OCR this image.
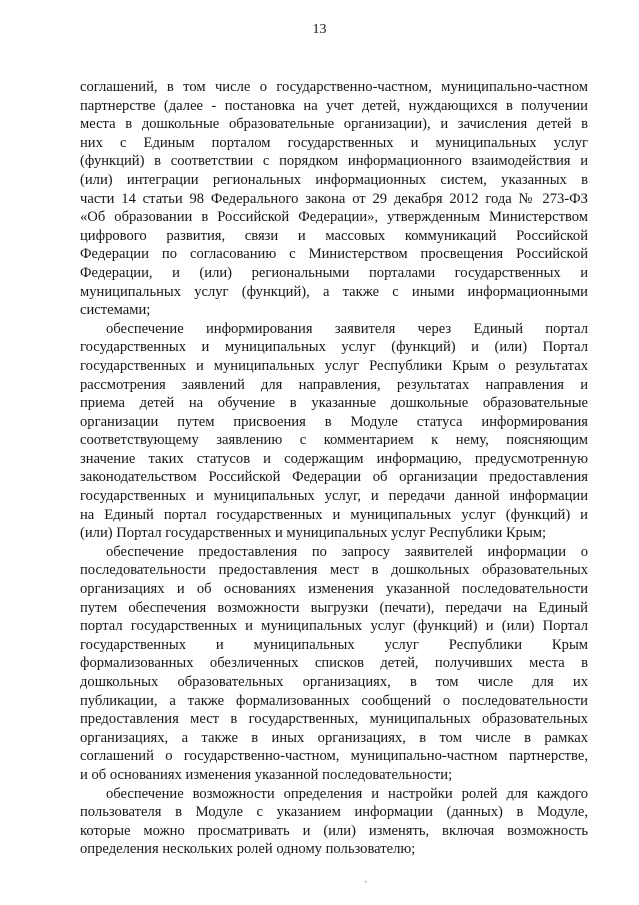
13
соглашений, в том числе о государственно-частном, муниципально-частном
партнерстве (далее - постановка на учет детей, нуждающихся в получении
места в дошкольные образовательные организации), и зачисления детей в
них с Единым порталом государственных и муниципальных услуг
(функций) в соответствии с порядком информационного взаимодействия и
(или) интеграции региональных информационных систем, указанных в
части 14 статьи 98 Федерального закона от 29 декабря 2012 года № 273-ФЗ
«Об образовании в Российской Федерации», утвержденным Министерством
цифрового развития, связи и массовых коммуникаций Российской
Федерации по согласованию с Министерством просвещения Российской
Федерации, и (или) региональными порталами государственных и
муниципальных услуг (функций), а также с иными информационными
системами;
обеспечение информирования заявителя через Единый портал
государственных и муниципальных услуг (функций) и (или) Портал
государственных и муниципальных услуг Республики Крым о результатах
рассмотрения заявлений для направления, результатах направления и
приема детей на обучение в указанные дошкольные образовательные
организации путем присвоения в Модуле статуса информирования
соответствующему заявлению с комментарием к нему, поясняющим
значение таких статусов и содержащим информацию, предусмотренную
законодательством Российской Федерации об организации предоставления
государственных и муниципальных услуг, и передачи данной информации
на Единый портал государственных и муниципальных услуг (функций) и
(или) Портал государственных и муниципальных услуг Республики Крым;
обеспечение предоставления по запросу заявителей информации о
последовательности предоставления мест в дошкольных образовательных
организациях и об основаниях изменения указанной последовательности
путем обеспечения возможности выгрузки (печати), передачи на Единый
портал государственных и муниципальных услуг (функций) и (или) Портал
государственных и муниципальных услуг Республики Крым
формализованных обезличенных списков детей, получивших места в
дошкольных образовательных организациях, в том числе для их
публикации, а также формализованных сообщений о последовательности
предоставления мест в государственных, муниципальных образовательных
организациях, а также в иных организациях, в том числе в рамках
соглашений о государственно-частном, муниципально-частном партнерстве,
и об основаниях изменения указанной последовательности;
обеспечение возможности определения и настройки ролей для каждого
пользователя в Модуле с указанием информации (данных) в Модуле,
которые можно просматривать и (или) изменять, включая возможность
определения нескольких ролей одному пользователю;
ˎ
